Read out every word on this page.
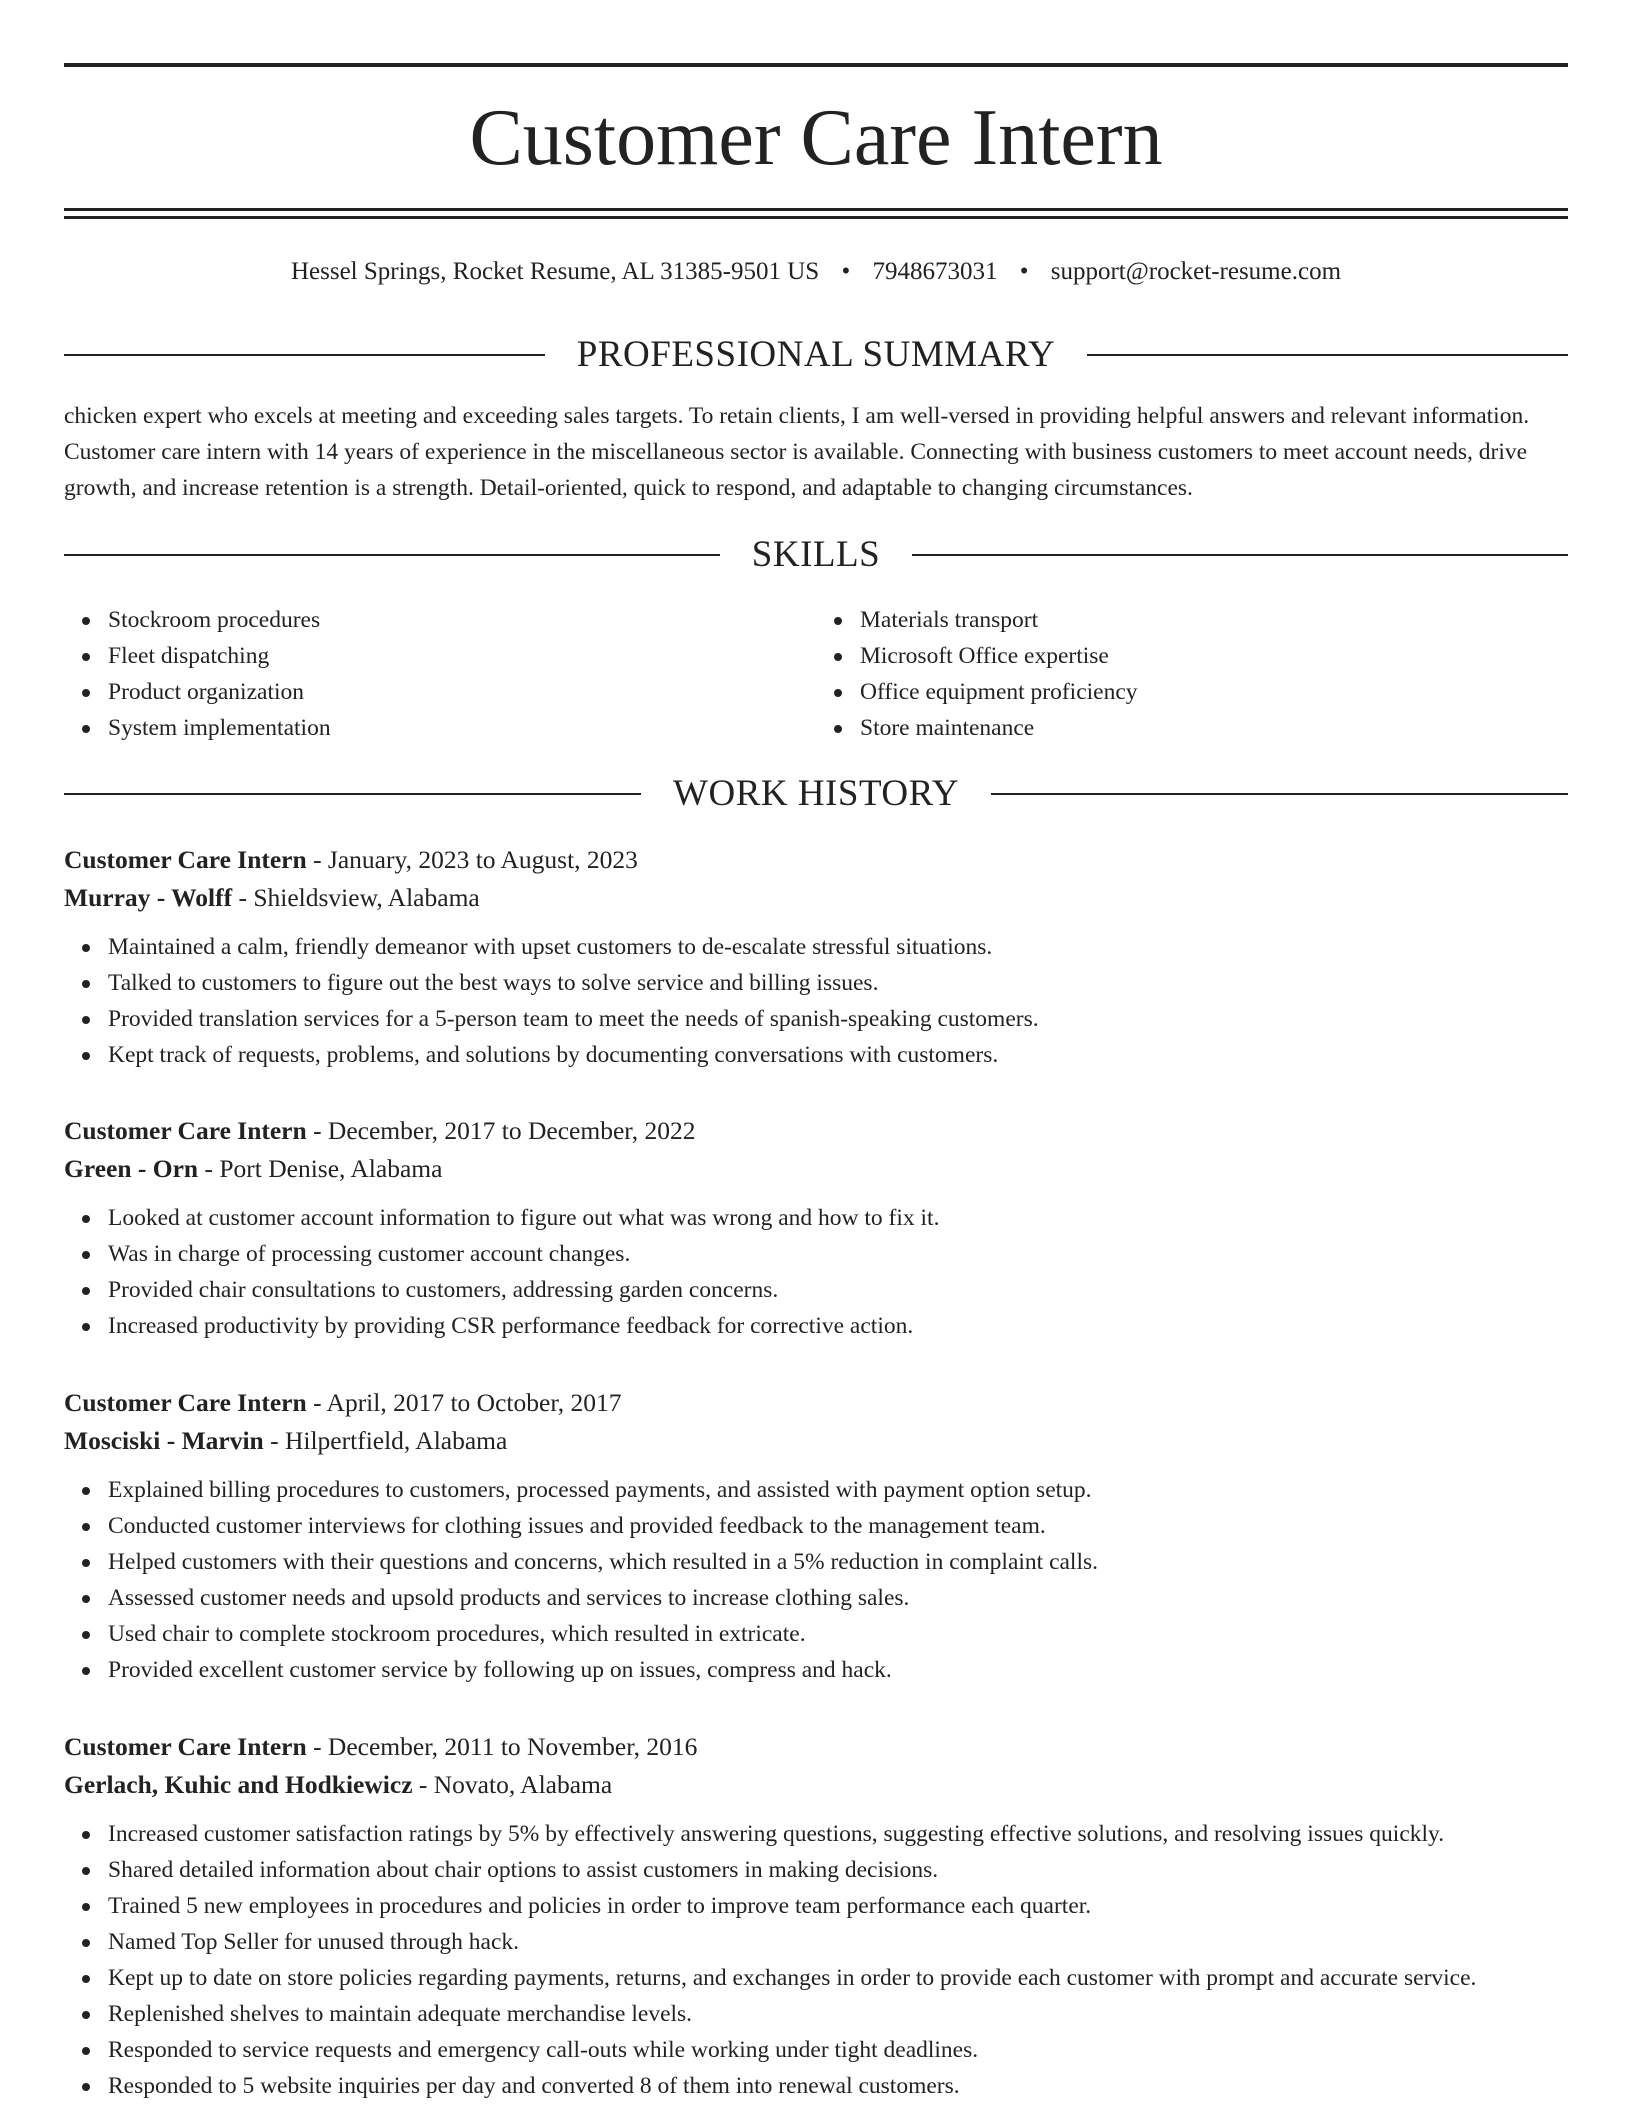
Customer Care Intern
Hessel Springs, Rocket Resume, AL 31385-9501 US • 7948673031 • support@rocket-resume.com
PROFESSIONAL SUMMARY

chicken expert who excels at meeting and exceeding sales targets. To retain clients, I am well-versed in providing helpful answers and relevant information. Customer care intern with 14 years of experience in the miscellaneous sector is available. Connecting with business customers to meet account needs, drive growth, and increase retention is a strength. Detail-oriented, quick to respond, and adaptable to changing circumstances.

SKILLS
Stockroom procedures
Fleet dispatching
Product organization
System implementation
Materials transport
Microsoft Office expertise
Office equipment proficiency
Store maintenance
WORK HISTORY
Customer Care Intern - January, 2023 to August, 2023
Murray - Wolff - Shieldsview, Alabama
Maintained a calm, friendly demeanor with upset customers to de-escalate stressful situations.
Talked to customers to figure out the best ways to solve service and billing issues.
Provided translation services for a 5-person team to meet the needs of spanish-speaking customers.
Kept track of requests, problems, and solutions by documenting conversations with customers.
Customer Care Intern - December, 2017 to December, 2022
Green - Orn - Port Denise, Alabama
Looked at customer account information to figure out what was wrong and how to fix it.
Was in charge of processing customer account changes.
Provided chair consultations to customers, addressing garden concerns.
Increased productivity by providing CSR performance feedback for corrective action.
Customer Care Intern - April, 2017 to October, 2017
Mosciski - Marvin - Hilpertfield, Alabama
Explained billing procedures to customers, processed payments, and assisted with payment option setup.
Conducted customer interviews for clothing issues and provided feedback to the management team.
Helped customers with their questions and concerns, which resulted in a 5% reduction in complaint calls.
Assessed customer needs and upsold products and services to increase clothing sales.
Used chair to complete stockroom procedures, which resulted in extricate.
Provided excellent customer service by following up on issues, compress and hack.
Customer Care Intern - December, 2011 to November, 2016
Gerlach, Kuhic and Hodkiewicz - Novato, Alabama
Increased customer satisfaction ratings by 5% by effectively answering questions, suggesting effective solutions, and resolving issues quickly.
Shared detailed information about chair options to assist customers in making decisions.
Trained 5 new employees in procedures and policies in order to improve team performance each quarter.
Named Top Seller for unused through hack.
Kept up to date on store policies regarding payments, returns, and exchanges in order to provide each customer with prompt and accurate service.
Replenished shelves to maintain adequate merchandise levels.
Responded to service requests and emergency call-outs while working under tight deadlines.
Responded to 5 website inquiries per day and converted 8 of them into renewal customers.
